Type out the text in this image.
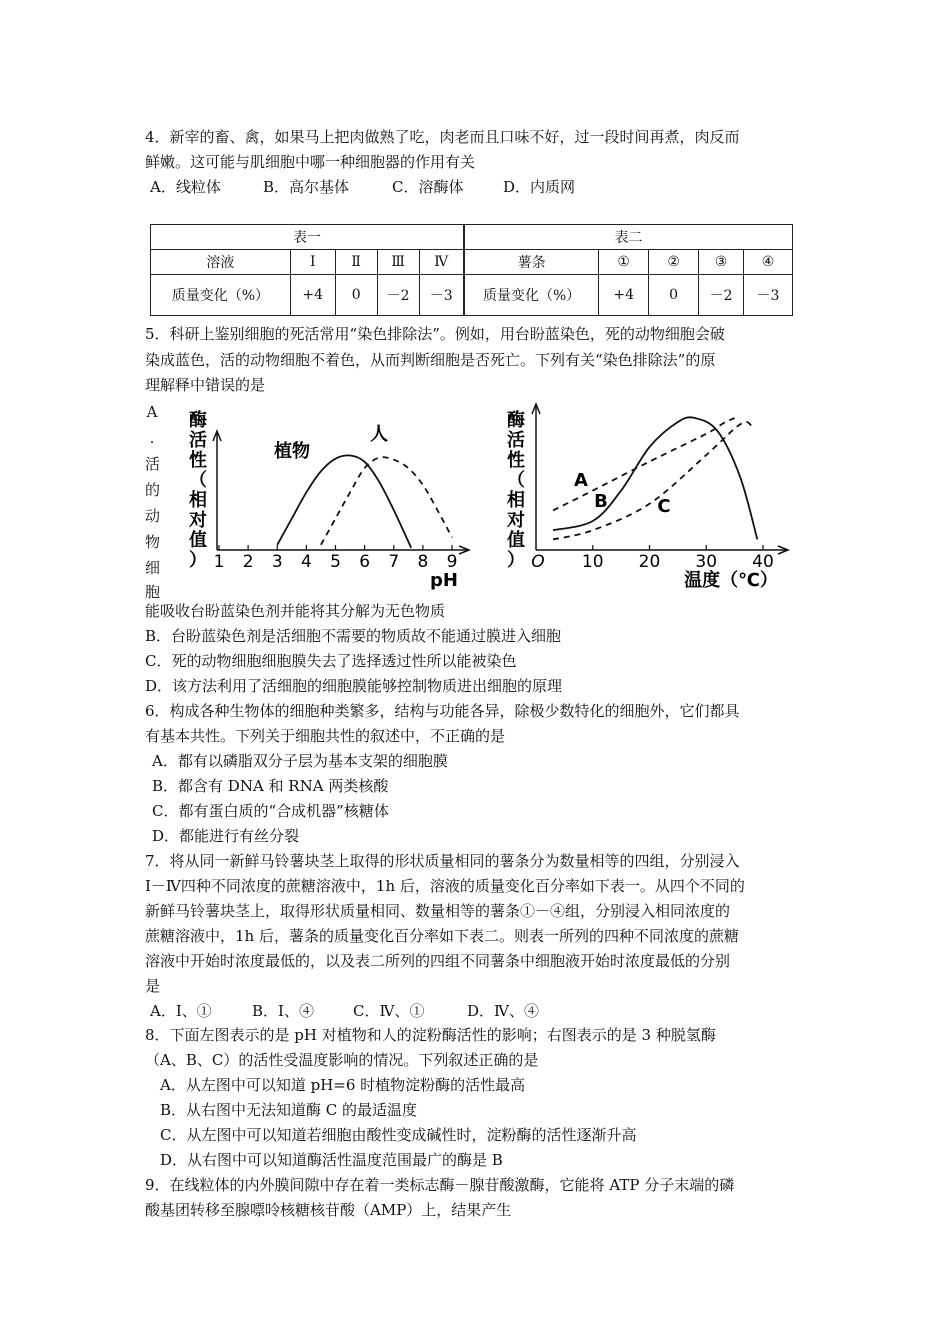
4．新宰的畜、禽，如果马上把肉做熟了吃，肉老而且口味不好，过一段时间再煮，肉反而
鲜嫩。这可能与肌细胞中哪一种细胞器的作用有关
A．线粒体	B．高尔基体	C．溶酶体	D．内质网
表一					表二				
溶液	Ⅰ	Ⅱ	Ⅲ	Ⅳ	薯条	①	②	③	④
质量变化（%）	+4	0	－2	－3	质量变化（%）	+4	0	－2	－3
5．科研上鉴别细胞的死活常用“染色排除法”。例如，用台盼蓝染色，死的动物细胞会破
染成蓝色，活的动物细胞不着色，从而判断细胞是否死亡。下列有关“染色排除法”的原
理解释中错误的是
A
.
活
的
动
物
细
胞
酶
活
性
（
相
对
值
） 1 2 3 4 5 6 7 8 9
pH
植物
人
酶
活
性
（
相
对
值
）	10 20 30 40
O
温度（℃）
A
B	C
能吸收台盼蓝染色剂并能将其分解为无色物质
B．台盼蓝染色剂是活细胞不需要的物质故不能通过膜进入细胞
C．死的动物细胞细胞膜失去了选择透过性所以能被染色
D．该方法利用了活细胞的细胞膜能够控制物质进出细胞的原理
6．构成各种生物体的细胞种类繁多，结构与功能各异，除极少数特化的细胞外，它们都具
有基本共性。下列关于细胞共性的叙述中，不正确的是
A．都有以磷脂双分子层为基本支架的细胞膜
B．都含有 DNA 和 RNA 两类核酸
C．都有蛋白质的“合成机器”核糖体
D．都能进行有丝分裂
7．将从同一新鲜马铃薯块茎上取得的形状质量相同的薯条分为数量相等的四组，分别浸入
Ⅰ－Ⅳ四种不同浓度的蔗糖溶液中，1h 后，溶液的质量变化百分率如下表一。从四个不同的
新鲜马铃薯块茎上，取得形状质量相同、数量相等的薯条①－④组，分别浸入相同浓度的
蔗糖溶液中，1h 后，薯条的质量变化百分率如下表二。则表一所列的四种不同浓度的蔗糖
溶液中开始时浓度最低的，以及表二所列的四组不同薯条中细胞液开始时浓度最低的分别
是
A．Ⅰ、①	B．Ⅰ、④	C．Ⅳ、①	D．Ⅳ、④
8．下面左图表示的是 pH 对植物和人的淀粉酶活性的影响；右图表示的是 3 种脱氢酶
（A、B、C）的活性受温度影响的情况。下列叙述正确的是
A．从左图中可以知道 pH=6 时植物淀粉酶的活性最高
B．从右图中无法知道酶 C 的最适温度
C．从左图中可以知道若细胞由酸性变成碱性时，淀粉酶的活性逐渐升高
D．从右图中可以知道酶活性温度范围最广的酶是 B
9．在线粒体的内外膜间隙中存在着一类标志酶－腺苷酸激酶，它能将 ATP 分子末端的磷
酸基团转移至腺嘌呤核糖核苷酸（AMP）上，结果产生
